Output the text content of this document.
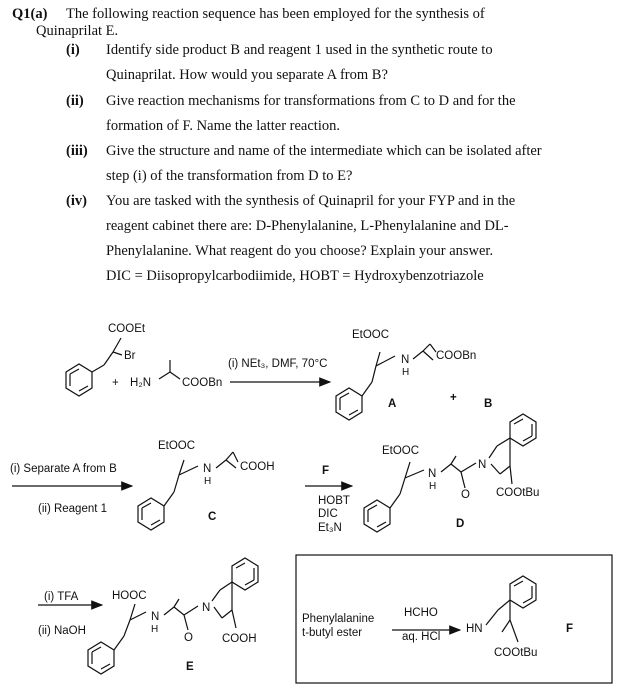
Q1(a) The following reaction sequence has been employed for the synthesis of
Quinaprilat E.
(i) Identify side product B and reagent 1 used in the synthetic route to
Quinaprilat. How would you separate A from B?
(ii) Give reaction mechanisms for transformations from C to D and for the
formation of F. Name the latter reaction.
(iii) Give the structure and name of the intermediate which can be isolated after
step (i) of the transformation from D to E?
(iv) You are tasked with the synthesis of Quinapril for your FYP and in the
reagent cabinet there are: D-Phenylalanine, L-Phenylalanine and DL-
Phenylalanine. What reagent do you choose? Explain your answer.
DIC = Diisopropylcarbodiimide, HOBT = Hydroxybenzotriazole
COOEt
Br
+ H₂N	COOBn
(i) NEt₃, DMF, 70°C
EtOOC
N
H
COOBn
A	+ B
(i) Separate A from B
(ii) Reagent 1
EtOOC
N
H
COOH
C
F
HOBT
DIC
Et₃N
EtOOC
N
H
N
O COOtBu
D
(i) TFA
(ii) NaOH
HOOC
N
H
N
O	COOH
E
Phenylalanine
t-butyl ester
HCHO
aq. HCl
HN
COOtBu
F
